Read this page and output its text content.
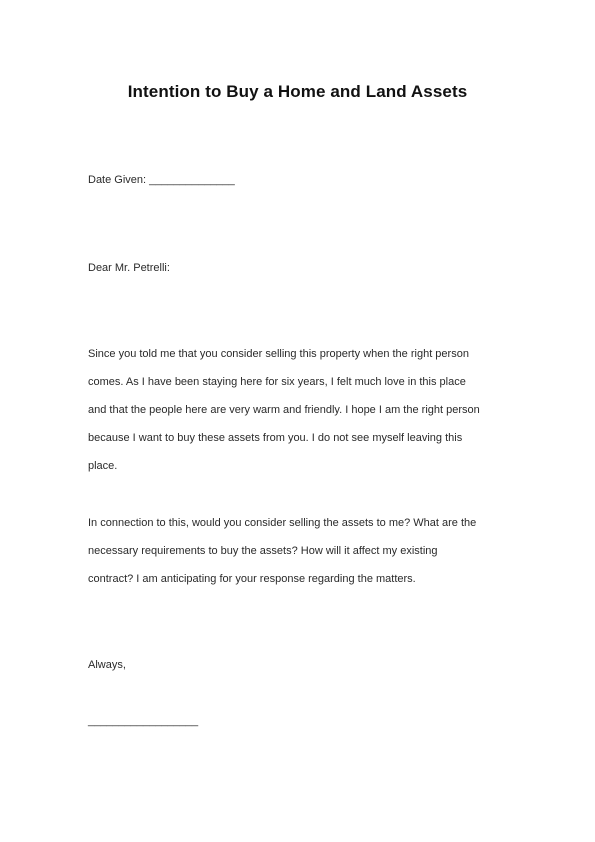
Intention to Buy a Home and Land Assets
Date Given: ______________
Dear Mr. Petrelli:
Since you told me that you consider selling this property when the right person
comes. As I have been staying here for six years, I felt much love in this place
and that the people here are very warm and friendly. I hope I am the right person
because I want to buy these assets from you. I do not see myself leaving this
place.
In connection to this, would you consider selling the assets to me? What are the
necessary requirements to buy the assets? How will it affect my existing
contract? I am anticipating for your response regarding the matters.
Always,
__________________
